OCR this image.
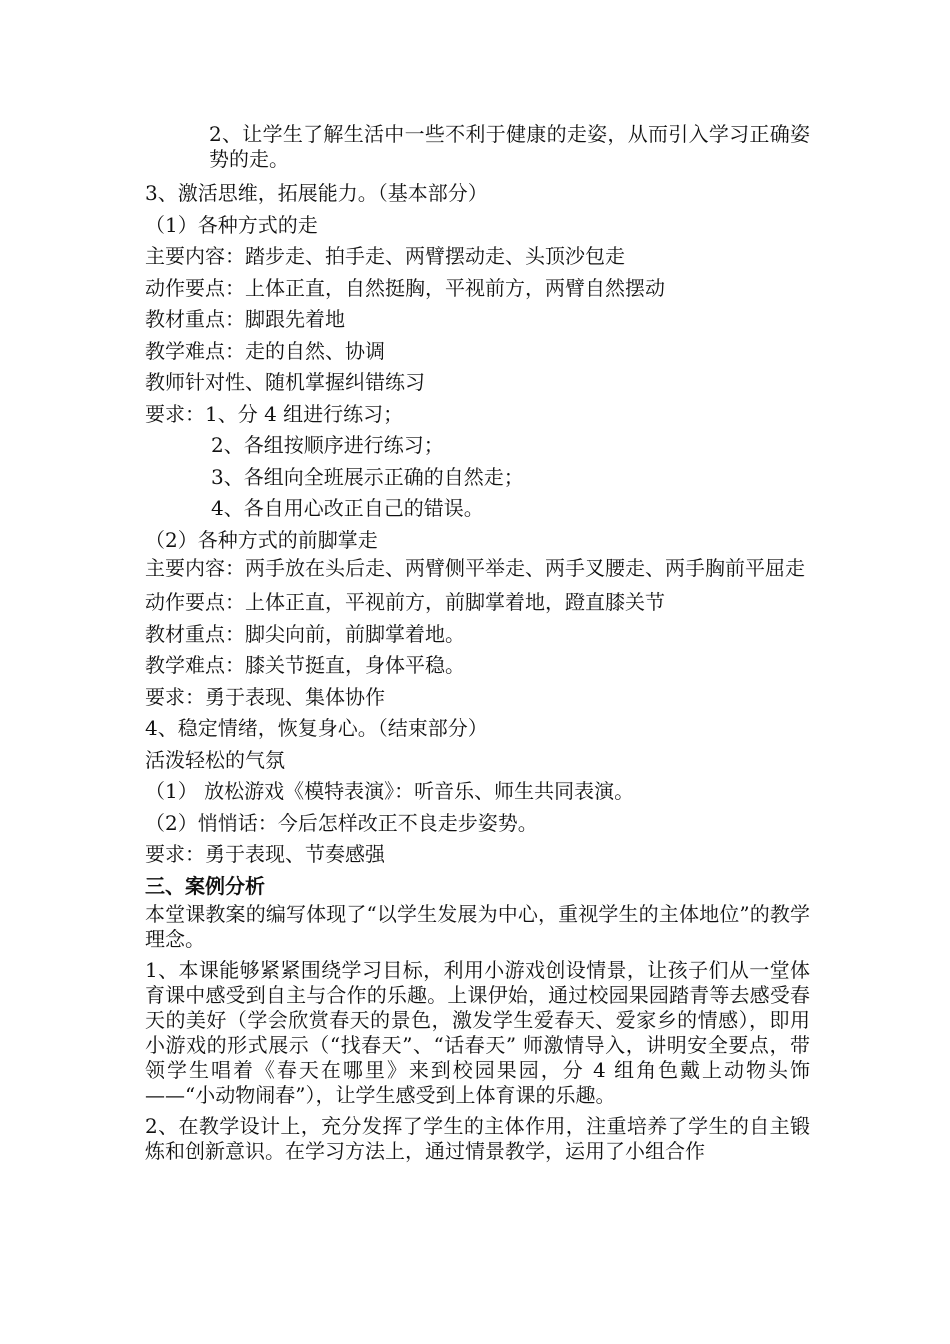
2、让学生了解生活中一些不利于健康的走姿，从而引入学习正确姿势的走。
3、激活思维，拓展能力。（基本部分）
（1）各种方式的走
主要内容：踏步走、拍手走、两臂摆动走、头顶沙包走
动作要点：上体正直，自然挺胸，平视前方，两臂自然摆动
教材重点：脚跟先着地
教学难点：走的自然、协调
教师针对性、随机掌握纠错练习
要求：1、分 4 组进行练习；
2、各组按顺序进行练习；
3、各组向全班展示正确的自然走；
4、各自用心改正自己的错误。
（2）各种方式的前脚掌走
主要内容：两手放在头后走、两臂侧平举走、两手叉腰走、两手胸前平屈走
动作要点：上体正直，平视前方，前脚掌着地，蹬直膝关节
教材重点：脚尖向前，前脚掌着地。
教学难点：膝关节挺直，身体平稳。
要求：勇于表现、集体协作
4、稳定情绪，恢复身心。（结束部分）
活泼轻松的气氛
（1） 放松游戏《模特表演》：听音乐、师生共同表演。
（2）悄悄话：今后怎样改正不良走步姿势。
要求：勇于表现、节奏感强
三、案例分析
本堂课教案的编写体现了“以学生发展为中心，重视学生的主体地位”的教学理念。
1、本课能够紧紧围绕学习目标，利用小游戏创设情景，让孩子们从一堂体育课中感受到自主与合作的乐趣。上课伊始，通过校园果园踏青等去感受春天的美好（学会欣赏春天的景色，激发学生爱春天、爱家乡的情感），即用小游戏的形式展示（“找春天”、“话春天” 师激情导入，讲明安全要点，带领学生唱着《春天在哪里》来到校园果园，分 4 组角色戴上动物头饰——“小动物闹春”），让学生感受到上体育课的乐趣。
2、在教学设计上，充分发挥了学生的主体作用，注重培养了学生的自主锻炼和创新意识。在学习方法上，通过情景教学，运用了小组合作
